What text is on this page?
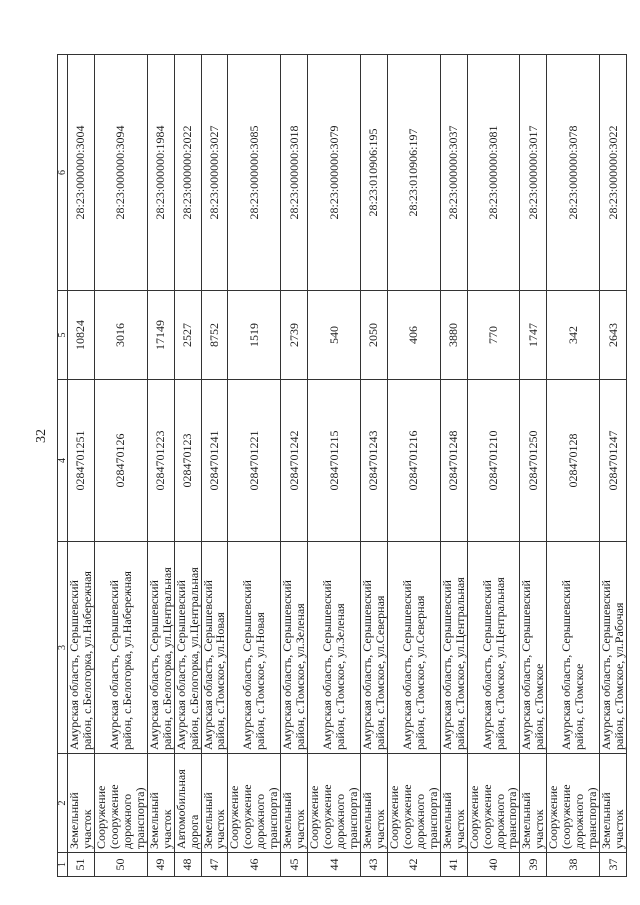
32
1	2	3	4	5	6
51	Земельный участок	Амурская область, Серышевский район, с.Белогорка, ул.Набережная	0284701251	10824	28:23:000000:3004
50	Сооружение (сооружение дорожного транспорта)	Амурская область, Серышевский район, с.Белогорка, ул.Набережная	028470126	3016	28:23:000000:3094
49	Земельный участок	Амурская область, Серышевский район, с.Белогорка, ул.Центральная	0284701223	17149	28:23:000000:1984
48	Автомобильная дорога	Амурская область, Серышевский район, с.Белогорка, ул.Центральная	028470123	2527	28:23:000000:2022
47	Земельный участок	Амурская область, Серышевский район, с.Томское, ул.Новая	0284701241	8752	28:23:000000:3027
46	Сооружение (сооружение дорожного транспорта)	Амурская область, Серышевский район, с.Томское, ул.Новая	0284701221	1519	28:23:000000:3085
45	Земельный участок	Амурская область, Серышевский район, с.Томское, ул.Зеленая	0284701242	2739	28:23:000000:3018
44	Сооружение (сооружение дорожного транспорта)	Амурская область, Серышевский район, с.Томское, ул.Зеленая	0284701215	540	28:23:000000:3079
43	Земельный участок	Амурская область, Серышевский район, с.Томское, ул.Северная	0284701243	2050	28:23:010906:195
42	Сооружение (сооружение дорожного транспорта)	Амурская область, Серышевский район, с.Томское, ул.Северная	0284701216	406	28:23:010906:197
41	Земельный участок	Амурская область, Серышевский район, с.Томское, ул.Центральная	0284701248	3880	28:23:000000:3037
40	Сооружение (сооружение дорожного транспорта)	Амурская область, Серышевский район, с.Томское, ул.Центральная	0284701210	770	28:23:000000:3081
39	Земельный участок	Амурская область, Серышевский район, с.Томское	0284701250	1747	28:23:000000:3017
38	Сооружение (сооружение дорожного транспорта)	Амурская область, Серышевский район, с.Томское	028470128	342	28:23:000000:3078
37	Земельный участок	Амурская область, Серышевский район, с.Томское, ул.Рабочая	0284701247	2643	28:23:000000:3022
